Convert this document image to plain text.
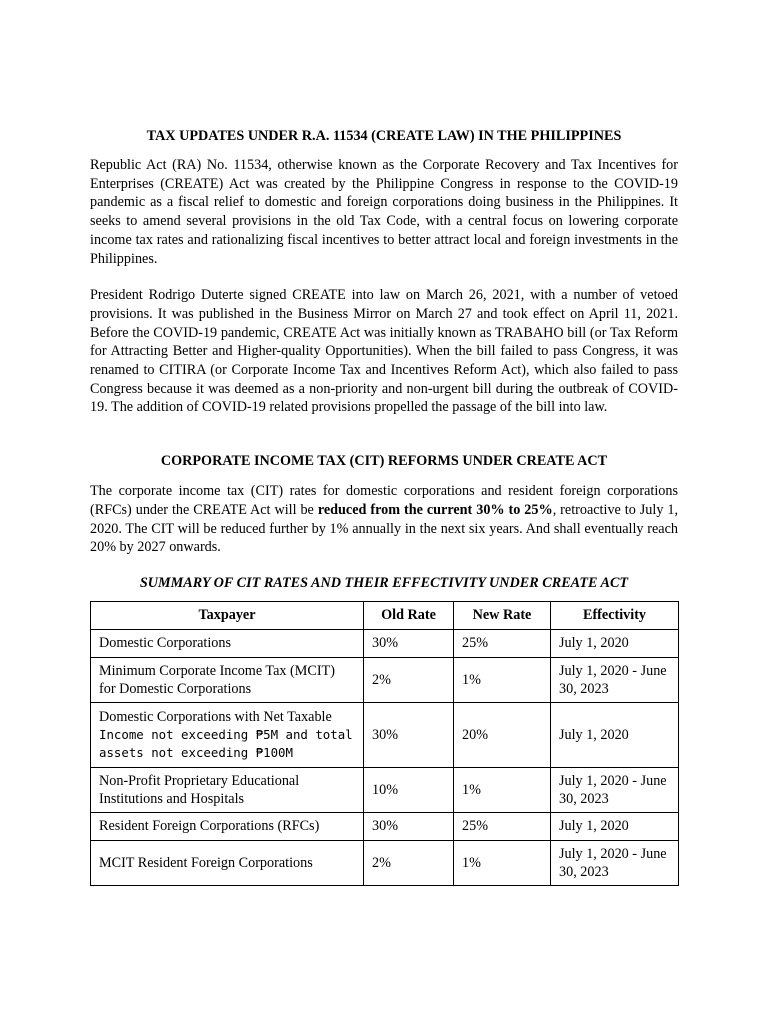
TAX UPDATES UNDER R.A. 11534 (CREATE LAW) IN THE PHILIPPINES

Republic Act (RA) No. 11534, otherwise known as the Corporate Recovery and Tax Incentives for Enterprises (CREATE) Act was created by the Philippine Congress in response to the COVID-19 pandemic as a fiscal relief to domestic and foreign corporations doing business in the Philippines. It seeks to amend several provisions in the old Tax Code, with a central focus on lowering corporate income tax rates and rationalizing fiscal incentives to better attract local and foreign investments in the Philippines.

President Rodrigo Duterte signed CREATE into law on March 26, 2021, with a number of vetoed provisions. It was published in the Business Mirror on March 27 and took effect on April 11, 2021. Before the COVID-19 pandemic, CREATE Act was initially known as TRABAHO bill (or Tax Reform for Attracting Better and Higher-quality Opportunities). When the bill failed to pass Congress, it was renamed to CITIRA (or Corporate Income Tax and Incentives Reform Act), which also failed to pass Congress because it was deemed as a non-priority and non-urgent bill during the outbreak of COVID-19. The addition of COVID-19 related provisions propelled the passage of the bill into law.

CORPORATE INCOME TAX (CIT) REFORMS UNDER CREATE ACT

The corporate income tax (CIT) rates for domestic corporations and resident foreign corporations (RFCs) under the CREATE Act will be reduced from the current 30% to 25%, retroactive to July 1, 2020. The CIT will be reduced further by 1% annually in the next six years. And shall eventually reach 20% by 2027 onwards.

SUMMARY OF CIT RATES AND THEIR EFFECTIVITY UNDER CREATE ACT
Taxpayer	Old Rate	New Rate	Effectivity
Domestic Corporations	30%	25%	July 1, 2020
Minimum Corporate Income Tax (MCIT) for Domestic Corporations	2%	1%	July 1, 2020 - June 30, 2023
Domestic Corporations with Net Taxable
Income not exceeding ₱5M and total assets not exceeding ₱100M	30%	20%	July 1, 2020
Non-Profit Proprietary Educational Institutions and Hospitals	10%	1%	July 1, 2020 - June 30, 2023
Resident Foreign Corporations (RFCs)	30%	25%	July 1, 2020
MCIT Resident Foreign Corporations	2%	1%	July 1, 2020 - June 30, 2023
